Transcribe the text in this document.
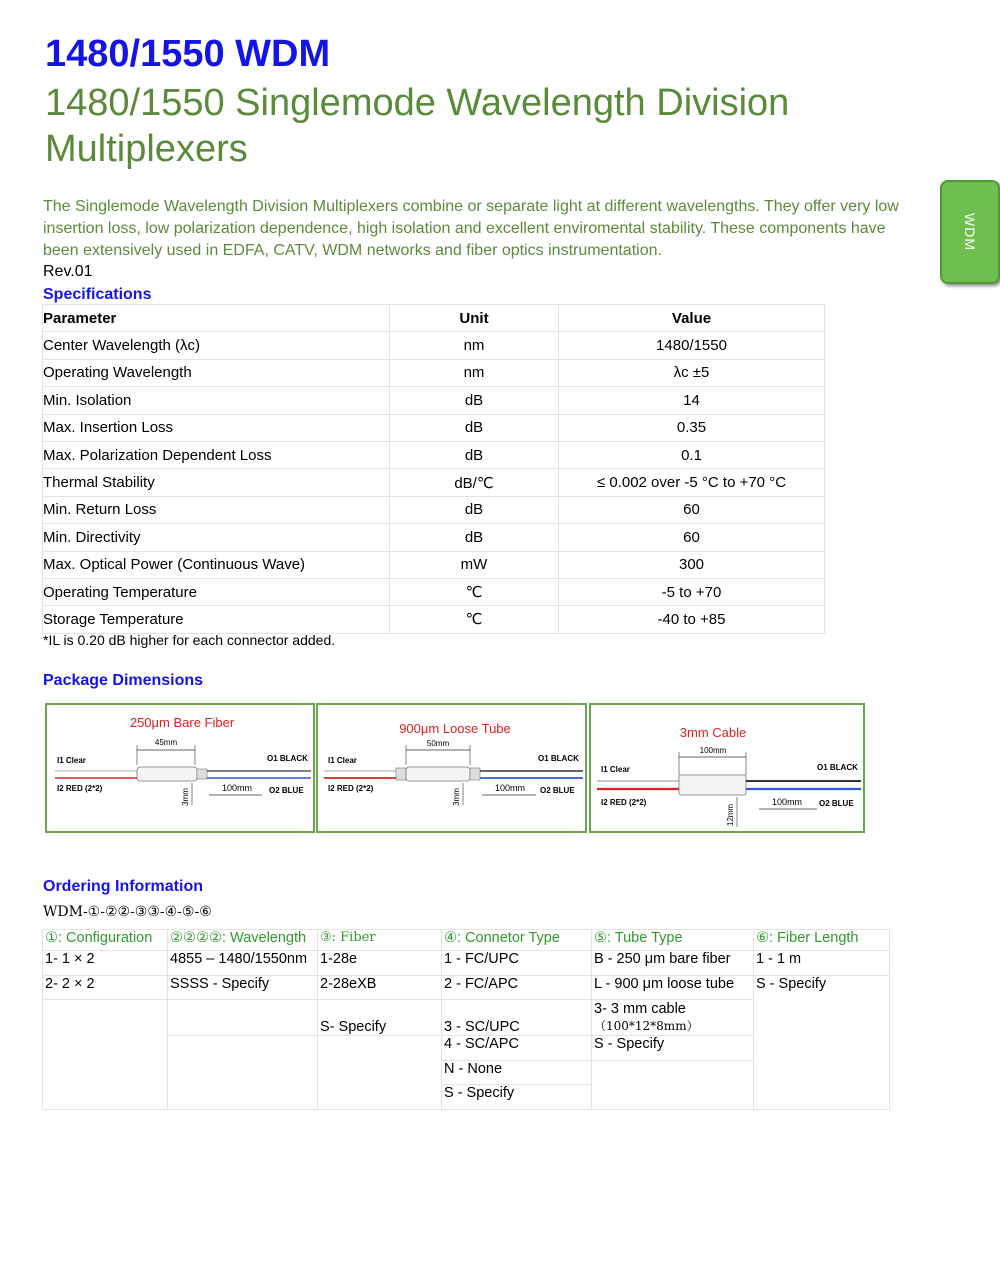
1480/1550 WDM
1480/1550 Singlemode Wavelength Division Multiplexers
The Singlemode Wavelength Division Multiplexers combine or separate light at different wavelengths. They offer very low insertion loss, low polarization dependence, high isolation and excellent enviromental stability. These components have been extensively used in EDFA, CATV, WDM networks and fiber optics instrumentation.
Rev.01
WDM
Specifications
Parameter	Unit	Value
Center Wavelength (λc)	nm	1480/1550
Operating Wavelength	nm	λc ±5
Min. Isolation	dB	14
Max. Insertion Loss	dB	0.35
Max. Polarization Dependent Loss	dB	0.1
Thermal Stability	dB/℃	≤ 0.002 over -5 °C to +70 °C
Min. Return Loss	dB	60
Min. Directivity	dB	60
Max. Optical Power (Continuous Wave)	mW	300
Operating Temperature	℃	-5 to +70
Storage Temperature	℃	-40 to +85
*IL is 0.20 dB higher for each connector added.
Package Dimensions
250μm Bare Fiber
45mm
I1 Clear
I2 RED (2*2)
O1 BLACK
O2 BLUE
3mm
100mm
900μm Loose Tube
50mm
I1 Clear
I2 RED (2*2)
O1 BLACK
O2 BLUE
3mm
100mm
3mm Cable
100mm
I1 Clear
I2 RED (2*2)
O1 BLACK
O2 BLUE
12mm
100mm
Ordering Information
WDM-①-②②-③③-④-⑤-⑥
①: Configuration	②②②②: Wavelength	③: Fiber	④: Connetor Type	⑤: Tube Type	⑥: Fiber Length
1- 1 × 2	4855 – 1480/1550nm	1-28e	1 - FC/UPC	B - 250 μm bare fiber	1 - 1 m
2- 2 × 2	SSSS - Specify	2-28eXB	2 - FC/APC	L - 900 μm loose tube	S - Specify
		S- Specify	3 - SC/UPC	3- 3 mm cable
（100*12*8mm）	
			4 - SC/APC	S - Specify	
			N - None		
			S - Specify		
